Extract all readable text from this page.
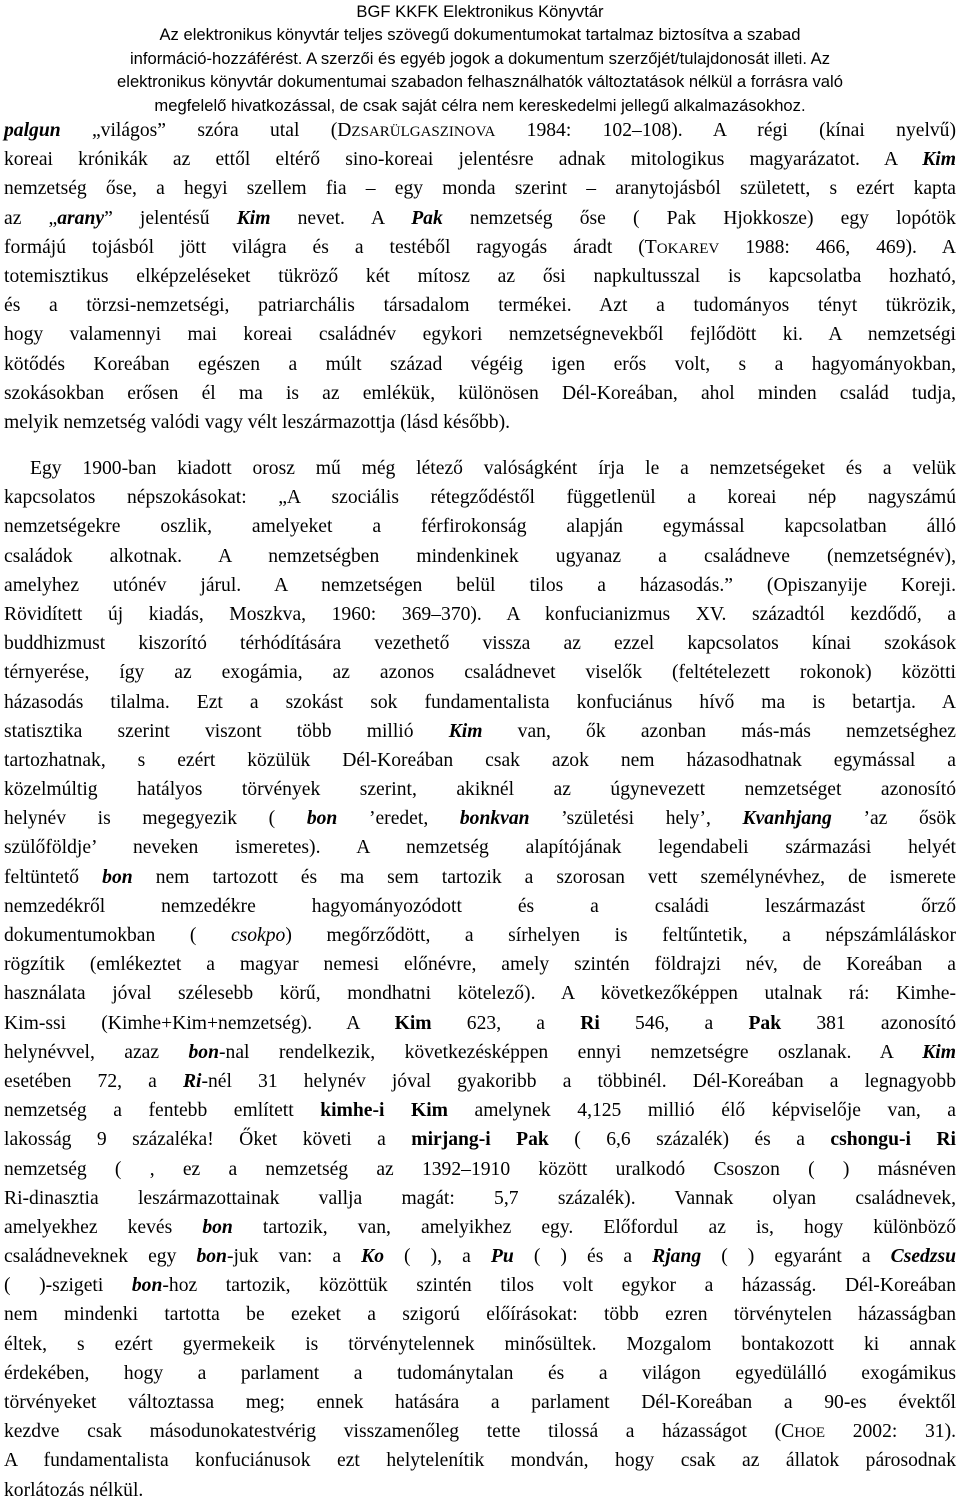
BGF KKFK Elektronikus Könyvtár
Az elektronikus könyvtár teljes szövegű dokumentumokat tartalmaz biztosítva a szabad
információ-hozzáférést. A szerzői és egyéb jogok a dokumentum szerzőjét/tulajdonosát illeti. Az
elektronikus könyvtár dokumentumai szabadon felhasználhatók változtatások nélkül a forrásra való
megfelelő hivatkozással, de csak saját célra nem kereskedelmi jellegű alkalmazásokhoz.
palgun „világos” szóra utal (DZSARÜLGASZINOVA 1984: 102–108). A régi (kínai nyelvű)
koreai krónikák az ettől eltérő sino-koreai jelentésre adnak mitologikus magyarázatot. A Kim
nemzetség őse, a hegyi szellem fia – egy monda szerint – aranytojásból született, s ezért kapta
az „arany” jelentésű Kim nevet. A Pak nemzetség őse ( Pak Hjokkosze) egy lopótök
formájú tojásból jött világra és a testéből ragyogás áradt (TOKAREV 1988: 466, 469). A
totemisztikus elképzeléseket tükröző két mítosz az ősi napkultusszal is kapcsolatba hozható,
és a törzsi-nemzetségi, patriarchális társadalom termékei. Azt a tudományos tényt tükrözik,
hogy valamennyi mai koreai családnév egykori nemzetségnevekből fejlődött ki. A nemzetségi
kötődés Koreában egészen a múlt század végéig igen erős volt, s a hagyományokban,
szokásokban erősen él ma is az emlékük, különösen Dél-Koreában, ahol minden család tudja,
melyik nemzetség valódi vagy vélt leszármazottja (lásd később).
Egy 1900-ban kiadott orosz mű még létező valóságként írja le a nemzetségeket és a velük
kapcsolatos népszokásokat: „A szociális rétegződéstől függetlenül a koreai nép nagyszámú
nemzetségekre oszlik, amelyeket a férfirokonság alapján egymással kapcsolatban álló
családok alkotnak. A nemzetségben mindenkinek ugyanaz a családneve (nemzetségnév),
amelyhez utónév járul. A nemzetségen belül tilos a házasodás.” (Opiszanyije Koreji.
Rövidített új kiadás, Moszkva, 1960: 369–370). A konfucianizmus XV. századtól kezdődő, a
buddhizmust kiszorító térhódítására vezethető vissza az ezzel kapcsolatos kínai szokások
térnyerése, így az exogámia, az azonos családnevet viselők (feltételezett rokonok) közötti
házasodás tilalma. Ezt a szokást sok fundamentalista konfuciánus hívő ma is betartja. A
statisztika szerint viszont több millió Kim van, ők azonban más-más nemzetséghez
tartozhatnak, s ezért közülük Dél-Koreában csak azok nem házasodhatnak egymással a
közelmúltig hatályos törvények szerint, akiknél az úgynevezett nemzetséget azonosító
helynév is megegyezik ( bon ’eredet, bonkvan ’születési hely’, Kvanhjang ’az ősök
szülőföldje’ neveken ismeretes). A nemzetség alapítójának legendabeli származási helyét
feltüntető bon nem tartozott és ma sem tartozik a szorosan vett személynévhez, de ismerete
nemzedékről nemzedékre hagyományozódott és a családi leszármazást őrző
dokumentumokban ( csokpo) megőrződött, a sírhelyen is feltűntetik, a népszámláláskor
rögzítik (emlékeztet a magyar nemesi előnévre, amely szintén földrajzi név, de Koreában a
használata jóval szélesebb körű, mondhatni kötelező). A következőképpen utalnak rá: Kimhe-
Kim-ssi (Kimhe+Kim+nemzetség). A Kim 623, a Ri 546, a Pak 381 azonosító
helynévvel, azaz bon-nal rendelkezik, következésképpen ennyi nemzetségre oszlanak. A Kim
esetében 72, a Ri-nél 31 helynév jóval gyakoribb a többinél. Dél-Koreában a legnagyobb
nemzetség a fentebb említett kimhe-i Kim amelynek 4,125 millió élő képviselője van, a
lakosság 9 százaléka! Őket követi a mirjang-i Pak ( 6,6 százalék) és a cshongu-i Ri
nemzetség ( , ez a nemzetség az 1392–1910 között uralkodó Csoszon ( ) másnéven
Ri-dinasztia leszármazottainak vallja magát: 5,7 százalék). Vannak olyan családnevek,
amelyekhez kevés bon tartozik, van, amelyikhez egy. Előfordul az is, hogy különböző
családneveknek egy bon-juk van: a Ko ( ), a Pu ( ) és a Rjang ( ) egyaránt a Csedzsu
( )-szigeti bon-hoz tartozik, közöttük szintén tilos volt egykor a házasság. Dél-Koreában
nem mindenki tartotta be ezeket a szigorú előírásokat: több ezren törvénytelen házasságban
éltek, s ezért gyermekeik is törvénytelennek minősültek. Mozgalom bontakozott ki annak
érdekében, hogy a parlament a tudománytalan és a világon egyedülálló exogámikus
törvényeket változtassa meg; ennek hatására a parlament Dél-Koreában a 90-es évektől
kezdve csak másodunokatestvérig visszamenőleg tette tilossá a házasságot (CHOE 2002: 31).
A fundamentalista konfuciánusok ezt helytelenítik mondván, hogy csak az állatok párosodnak
korlátozás nélkül.
